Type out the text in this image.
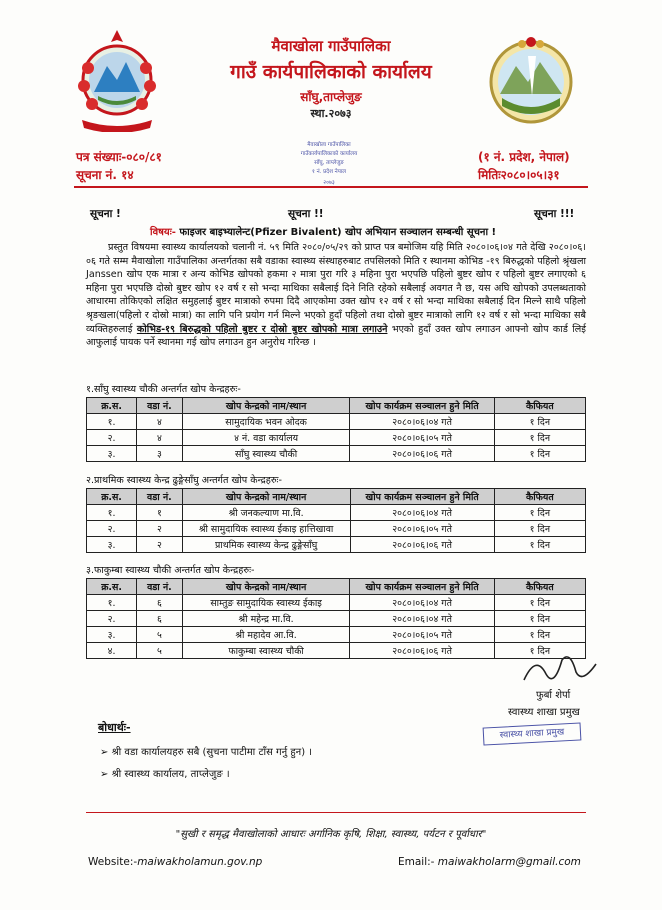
मैवाखोला गाउँपालिका
गाउँ कार्यपालिकाको कार्यालय
साँघु,ताप्लेजुङ
स्था.२०७३
मैवाखोला गाउँपालिका
गाउँकार्यपालिकाको कार्यालय
साँघु, ताप्लेजुङ
१ नं. प्रदेश नेपाल
२०७३
पत्र संख्याः-०८०/८१
सूचना नं. १४
(१ नं. प्रदेश, नेपाल)
मितिः२०८०।०५।३१
सूचना !	सूचना !!	सूचना !!!
विषयः- फाइजर बाइभ्यालेन्ट(Pfizer Bivalent) खोप अभियान सञ्चालन सम्बन्धी सूचना !
प्रस्तुत विषयमा स्वास्थ्य कार्यालयको चलानी नं. ५९ मिति २०८०/०५/२९ को प्राप्त पत्र बमोजिम यहि मिति २०८०।०६।०४ गते देखि २०८०।०६।०६ गते सम्म मैवाखोला गाउँपालिका अन्तर्गतका सबै वडाका स्वास्थ्य संस्थाहरुबाट तपसिलको मिति र स्थानमा कोभिड -१९ बिरुद्धको पहिलो श्रृंखला Janssen खोप एक मात्रा र अन्य कोभिड खोपको हकमा २ मात्रा पुरा गरि ३ महिना पुरा भएपछि पहिलो बुष्टर खोप र पहिलो बुष्टर लगाएको ६ महिना पुरा भएपछि दोस्रो बुष्टर खोप १२ वर्ष र सो भन्दा माथिका सबैलाई दिने निति रहेको सबैलाई अवगत नै छ, यस अघि खोपको उपलब्धताको आधारमा तोकिएको लक्षित समुहलाई बुष्टर मात्राको रुपमा दिदै आएकोमा उक्त खोप १२ वर्ष र सो भन्दा माथिका सबैलाई दिन मिल्ने साथै पहिलो श्रृङखला(पहिलो र दोस्रो मात्रा) का लागि पनि प्रयोग गर्न मिल्ने भएको हुदाँ पहिलो तथा दोस्रो बुष्टर मात्राको लागि १२ वर्ष र सो भन्दा माथिका सबै व्यक्तिहरुलाई कोभिड-१९ बिरुद्धको पहिलो बुष्टर र दोस्रो बुष्टर खोपको मात्रा लगाउने भएको हुदाँ उक्त खोप लगाउन आफ्नो खोप कार्ड लिई आफुलाई पायक पर्ने स्थानमा गई खोप लगाउन हुन अनुरोध गरिन्छ ।
१.साँघु स्वास्थ्य चौकी अन्तर्गत खोप केन्द्रहरुः-
क्र.स.	वडा नं.	खोप केन्द्रको नाम/स्थान	खोप कार्यक्रम सञ्चालन हुने मिति	कैफियत
१.	४	सामुदायिक भवन ओदक	२०८०।०६।०४ गते	१ दिन
२.	४	४ नं. वडा कार्यालय	२०८०।०६।०५ गते	१ दिन
३.	३	साँघु स्वास्थ्य चौकी	२०८०।०६।०६ गते	१ दिन
२.प्राथमिक स्वास्थ्य केन्द्र ढुङ्गेसाँघु अन्तर्गत खोप केन्द्रहरुः-
क्र.स.	वडा नं.	खोप केन्द्रको नाम/स्थान	खोप कार्यक्रम सञ्चालन हुने मिति	कैफियत
१.	१	श्री जनकल्याण मा.वि.	२०८०।०६।०४ गते	१ दिन
२.	२	श्री सामुदायिक स्वास्थ्य ईकाइ हात्तिखावा	२०८०।०६।०५ गते	१ दिन
३.	२	प्राथमिक स्वास्थ्य केन्द्र ढुङ्गेसाँघु	२०८०।०६।०६ गते	१ दिन
३.फाकुम्बा स्वास्थ्य चौकी अन्तर्गत खोप केन्द्रहरुः-
क्र.स.	वडा नं.	खोप केन्द्रको नाम/स्थान	खोप कार्यक्रम सञ्चालन हुने मिति	कैफियत
१.	६	साम्तुङ सामुदायिक स्वास्थ्य ईकाइ	२०८०।०६।०४ गते	१ दिन
२.	६	श्री महेन्द्र मा.वि.	२०८०।०६।०४ गते	१ दिन
३.	५	श्री महादेव आ.वि.	२०८०।०६।०५ गते	१ दिन
४.	५	फाकुम्बा स्वास्थ्य चौकी	२०८०।०६।०६ गते	१ दिन
फुर्बा शेर्पा
स्वास्थ्य शाखा प्रमुख
स्वास्थ्य शाखा प्रमुख
बोधार्थः-
➢ श्री वडा कार्यालयहरु सबै (सुचना पाटीमा टाँस गर्नु हुन) ।
➢ श्री स्वास्थ्य कार्यालय, ताप्लेजुङ ।
"सुखी र समृद्ध मैवाखोलाको आधारः अर्गानिक कृषि, शिक्षा, स्वास्थ्य, पर्यटन र पूर्वाधार"
Website:-maiwakholamun.gov.np	Email:- maiwakholarm@gmail.com
